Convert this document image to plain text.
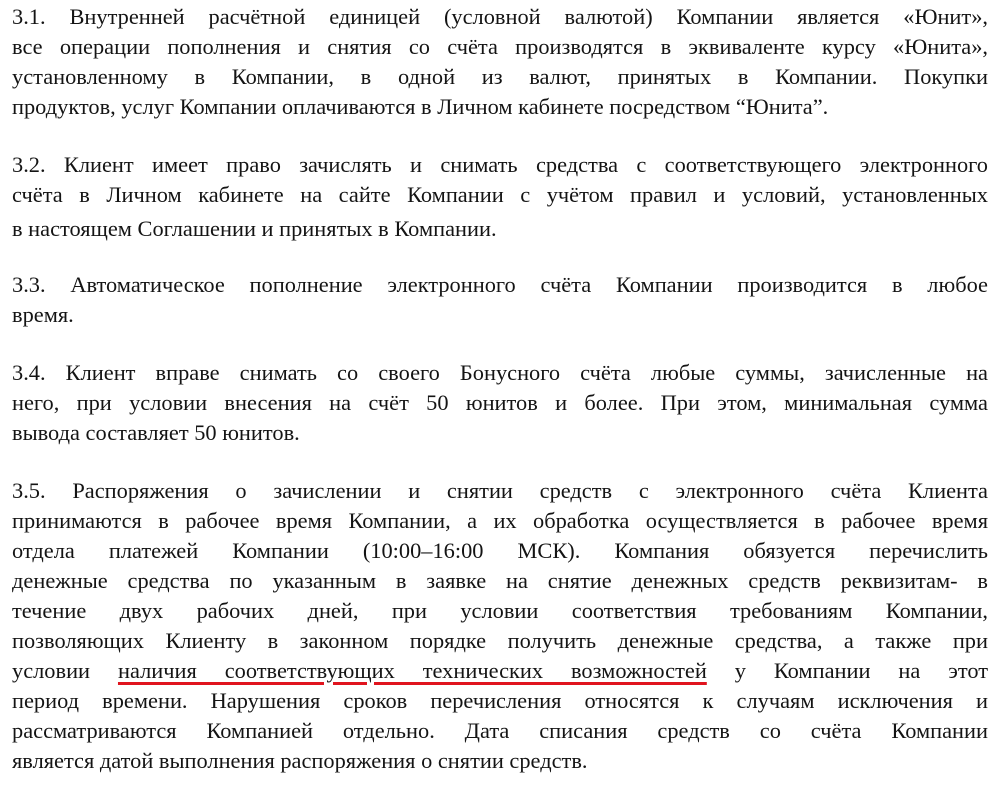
3.1. Внутренней расчётной единицей (условной валютой) Компании является «Юнит»,
все операции пополнения и снятия со счёта производятся в эквиваленте курсу «Юнита»,
установленному в Компании, в одной из валют, принятых в Компании. Покупки
продуктов, услуг Компании оплачиваются в Личном кабинете посредством “Юнита”.
3.2. Клиент имеет право зачислять и снимать средства с соответствующего электронного
счёта в Личном кабинете на сайте Компании с учётом правил и условий, установленных
в настоящем Соглашении и принятых в Компании.
3.3. Автоматическое пополнение электронного счёта Компании производится в любое
время.
3.4. Клиент вправе снимать со своего Бонусного счёта любые суммы, зачисленные на
него, при условии внесения на счёт 50 юнитов и более. При этом, минимальная сумма
вывода составляет 50 юнитов.
3.5. Распоряжения о зачислении и снятии средств с электронного счёта Клиента
принимаются в рабочее время Компании, а их обработка осуществляется в рабочее время
отдела платежей Компании (10:00–16:00 МСК). Компания обязуется перечислить
денежные средства по указанным в заявке на снятие денежных средств реквизитам- в
течение двух рабочих дней, при условии соответствия требованиям Компании,
позволяющих Клиенту в законном порядке получить денежные средства, а также при
условии наличия соответствующих технических возможностей у Компании на этот
период времени. Нарушения сроков перечисления относятся к случаям исключения и
рассматриваются Компанией отдельно. Дата списания средств со счёта Компании
является датой выполнения распоряжения о снятии средств.
